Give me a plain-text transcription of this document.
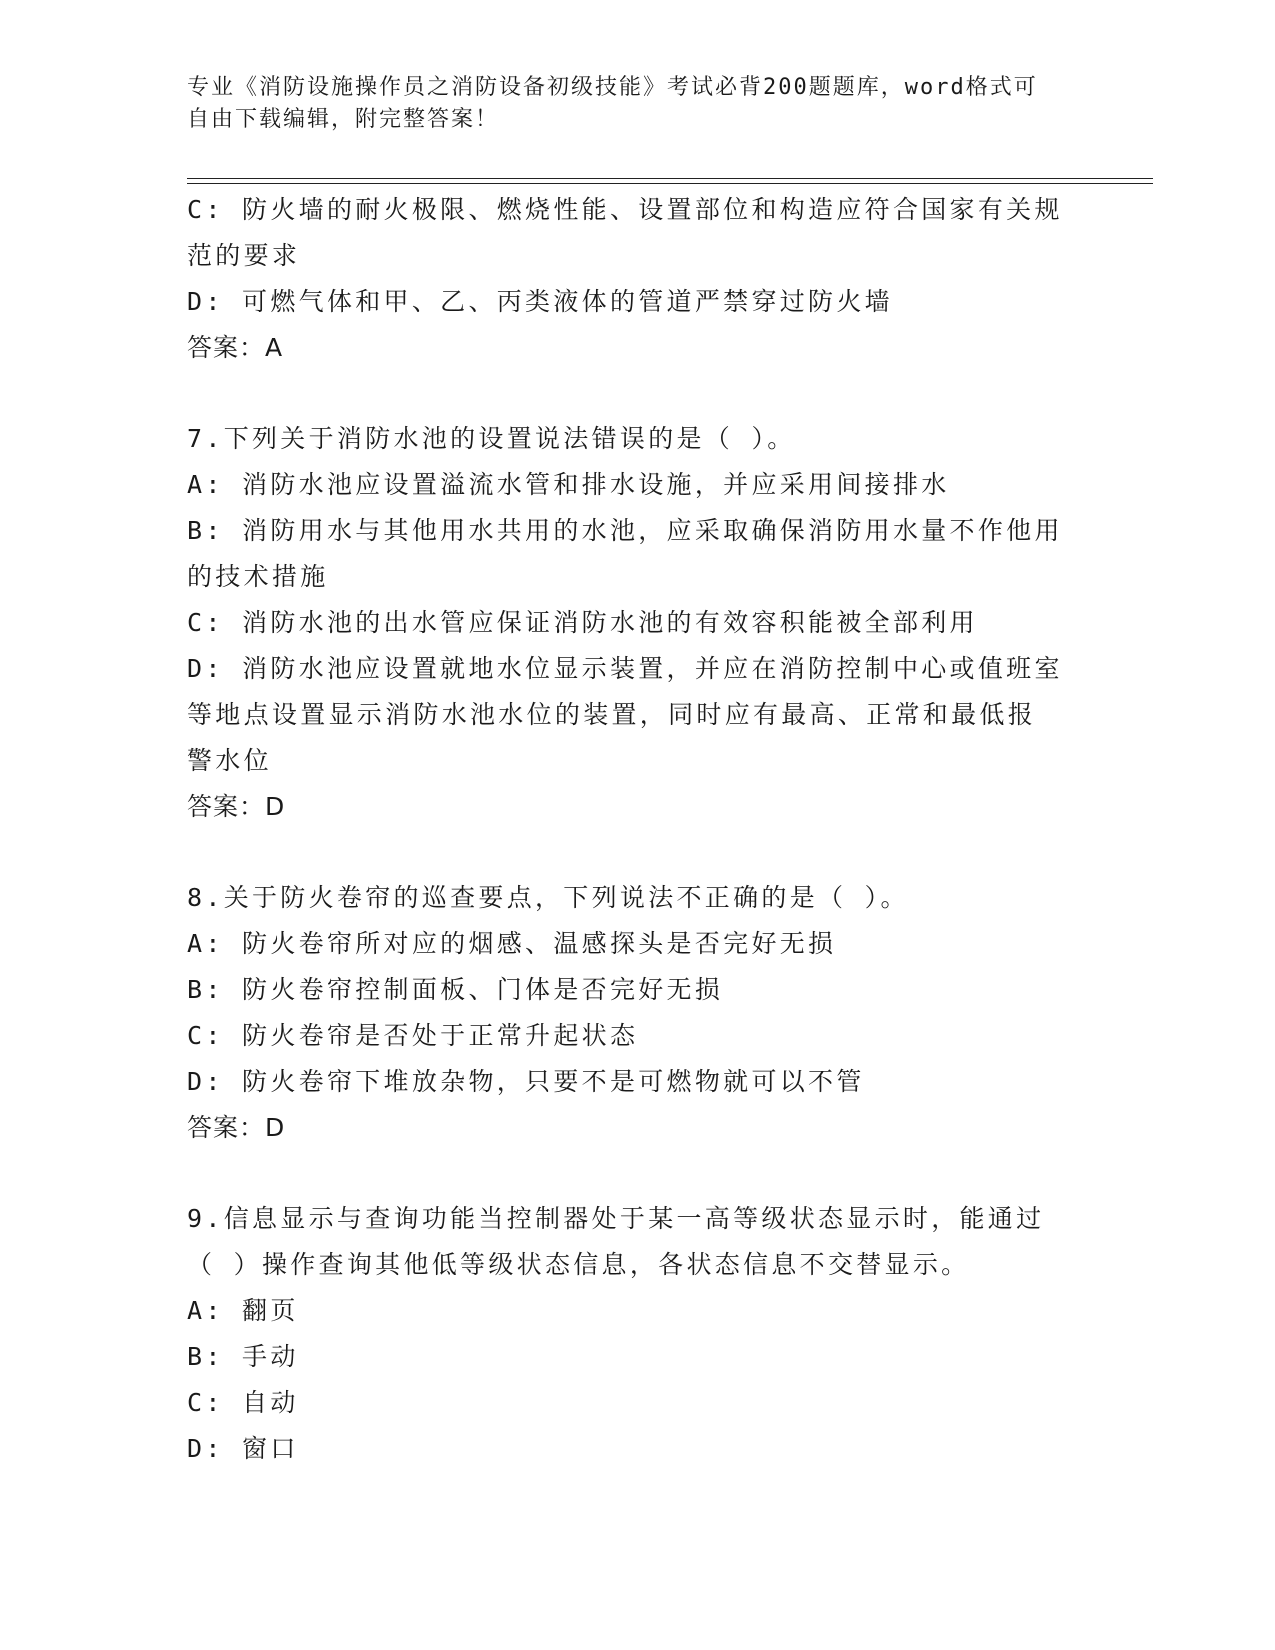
专业《消防设施操作员之消防设备初级技能》考试必背200题题库，word格式可
自由下载编辑，附完整答案！
C: 防火墙的耐火极限、燃烧性能、设置部位和构造应符合国家有关规
范的要求
D: 可燃气体和甲、乙、丙类液体的管道严禁穿过防火墙
答案：A
7.下列关于消防水池的设置说法错误的是（ ）。
A: 消防水池应设置溢流水管和排水设施，并应采用间接排水
B: 消防用水与其他用水共用的水池，应采取确保消防用水量不作他用
的技术措施
C: 消防水池的出水管应保证消防水池的有效容积能被全部利用
D: 消防水池应设置就地水位显示装置，并应在消防控制中心或值班室
等地点设置显示消防水池水位的装置，同时应有最高、正常和最低报
警水位
答案：D
8.关于防火卷帘的巡查要点，下列说法不正确的是（ ）。
A: 防火卷帘所对应的烟感、温感探头是否完好无损
B: 防火卷帘控制面板、门体是否完好无损
C: 防火卷帘是否处于正常升起状态
D: 防火卷帘下堆放杂物，只要不是可燃物就可以不管
答案：D
9.信息显示与查询功能当控制器处于某一高等级状态显示时，能通过
（ ）操作查询其他低等级状态信息，各状态信息不交替显示。
A: 翻页
B: 手动
C: 自动
D: 窗口
